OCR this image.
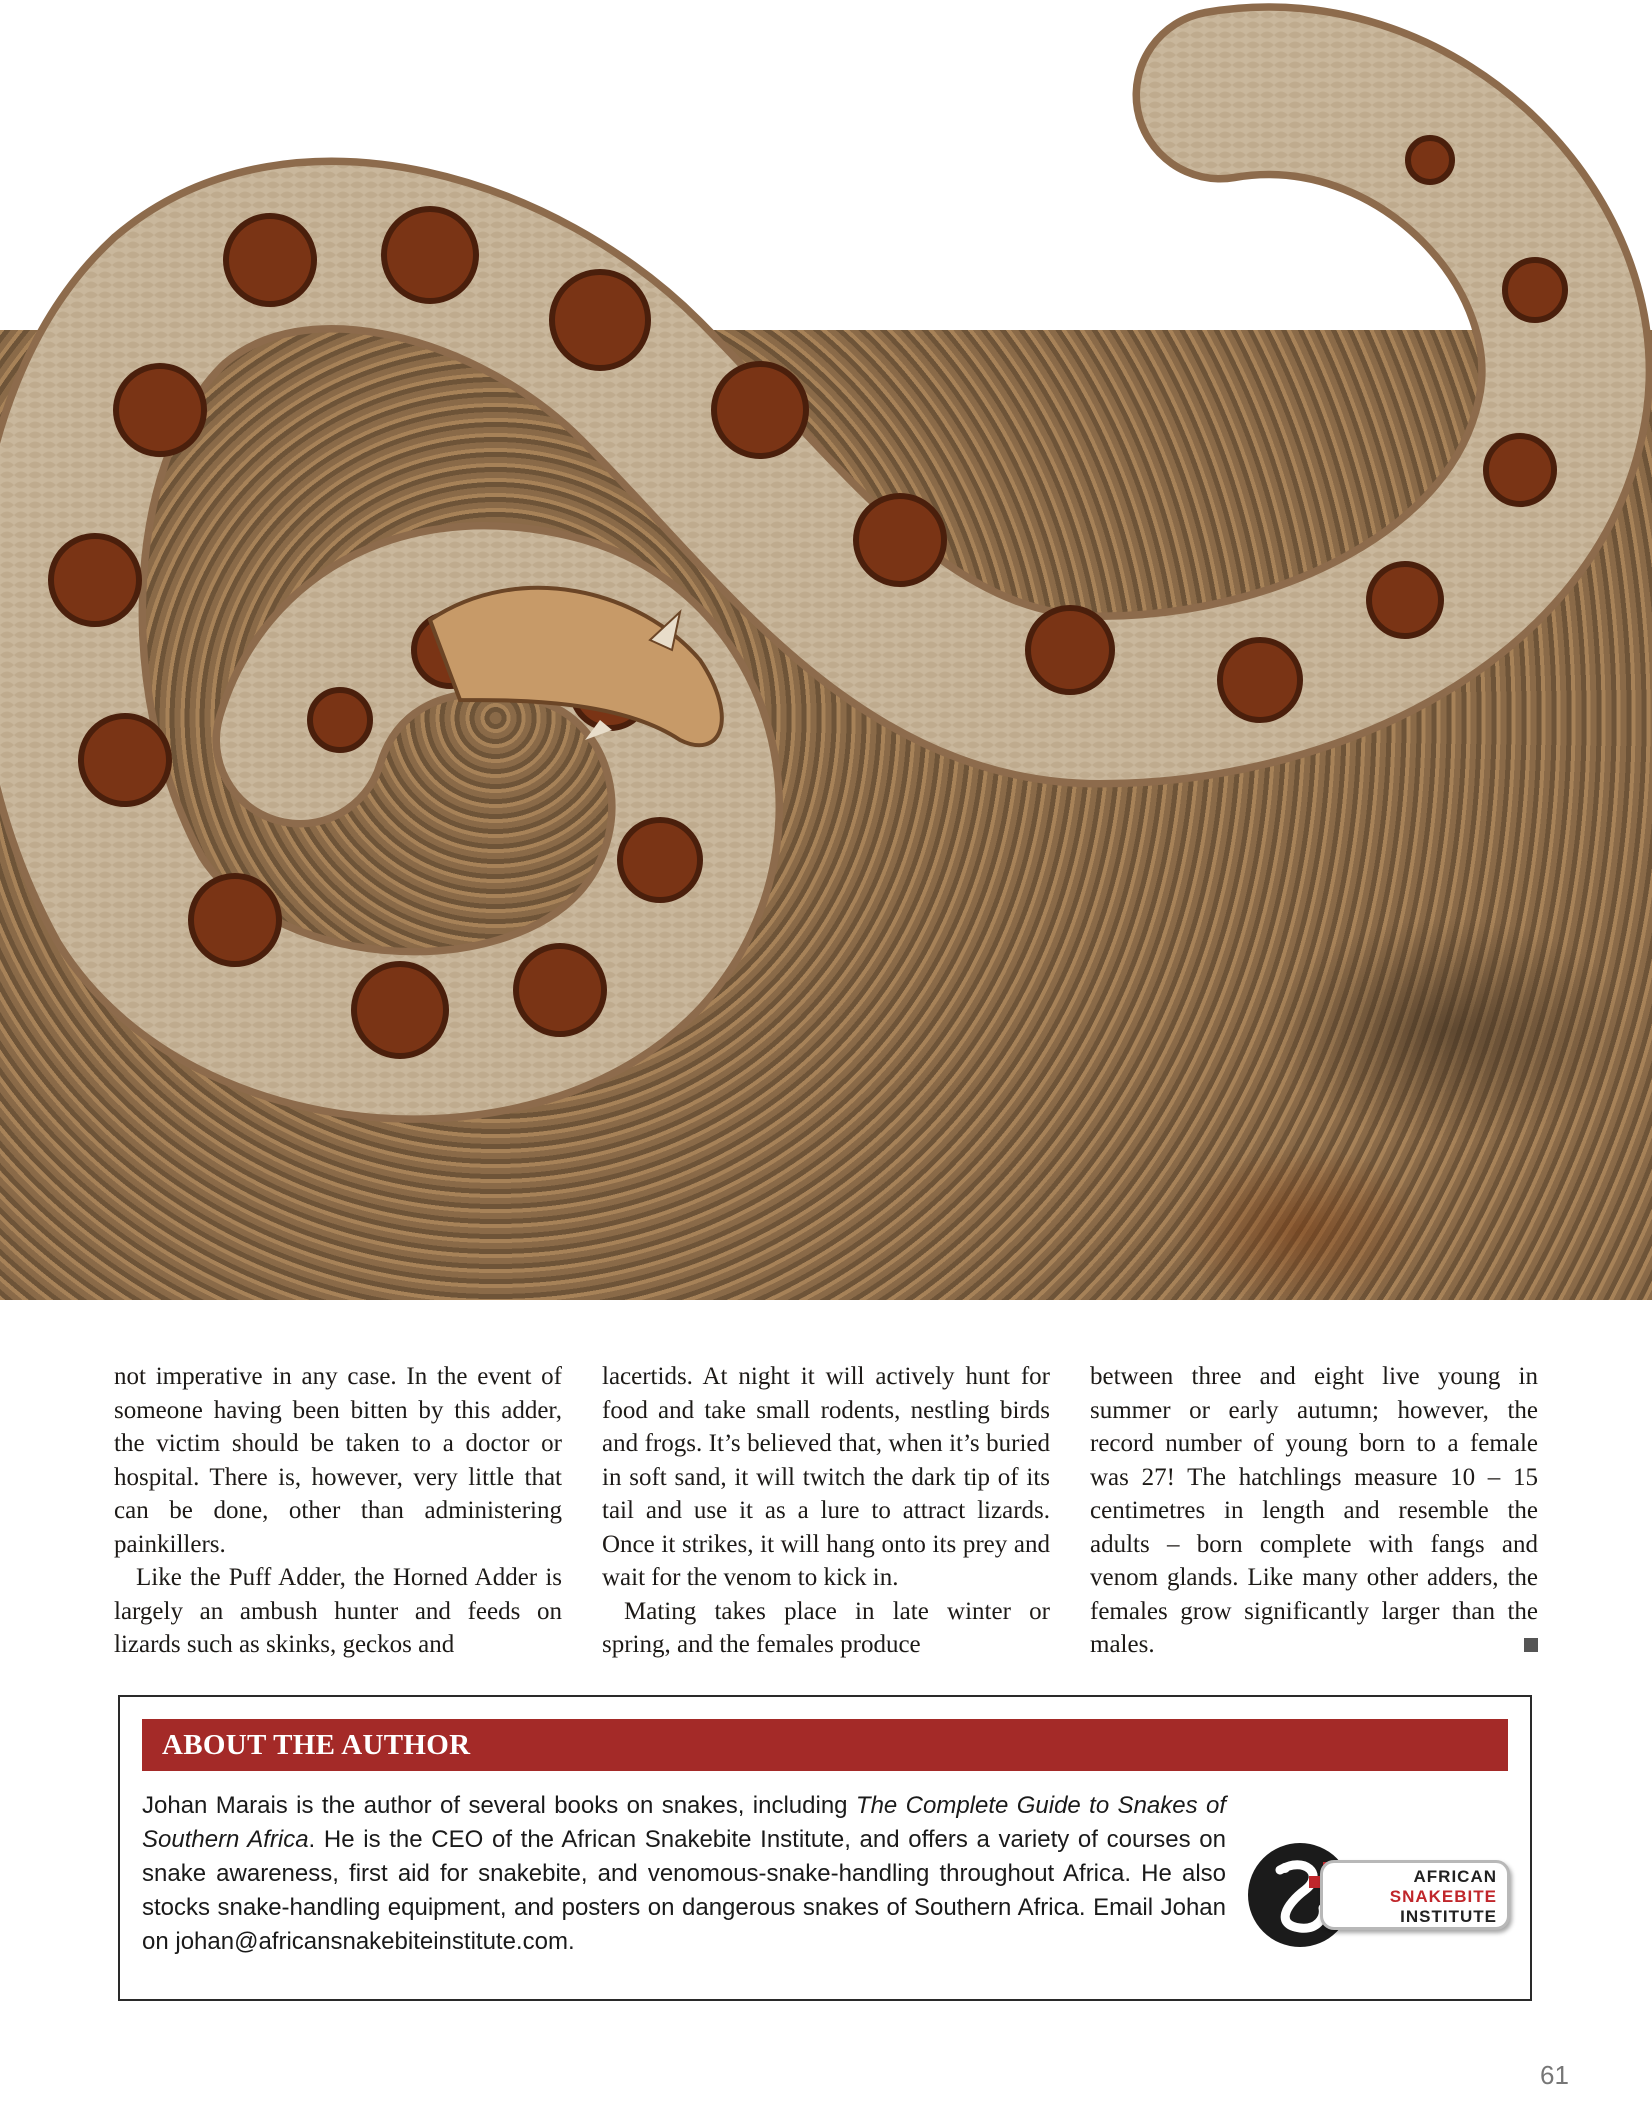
not imperative in any case. In the event of someone having been bitten by this adder, the victim should be taken to a doctor or hospital. There is, however, very little that can be done, other than administering painkillers.

Like the Puff Adder, the Horned Adder is largely an ambush hunter and feeds on lizards such as skinks, geckos and

lacertids. At night it will actively hunt for food and take small rodents, nestling birds and frogs. It’s believed that, when it’s buried in soft sand, it will twitch the dark tip of its tail and use it as a lure to attract lizards. Once it strikes, it will hang onto its prey and wait for the venom to kick in.

Mating takes place in late winter or spring, and the females produce

between three and eight live young in summer or early autumn; however, the record number of young born to a female was 27! The hatchlings measure 10 – 15 centimetres in length and resemble the adults – born complete with fangs and venom glands. Like many other adders, the females grow significantly larger than the males.

ABOUT THE AUTHOR
Johan Marais is the author of several books on snakes, including The Complete Guide to Snakes of Southern Africa. He is the CEO of the African Snakebite Institute, and offers a variety of courses on snake awareness, first aid for snakebite, and venomous-snake-handling throughout Africa. He also stocks snake-handling equipment, and posters on dangerous snakes of Southern Africa. Email Johan on johan@africansnakebiteinstitute.com.
AFRICAN
SNAKEBITE
INSTITUTE
61
